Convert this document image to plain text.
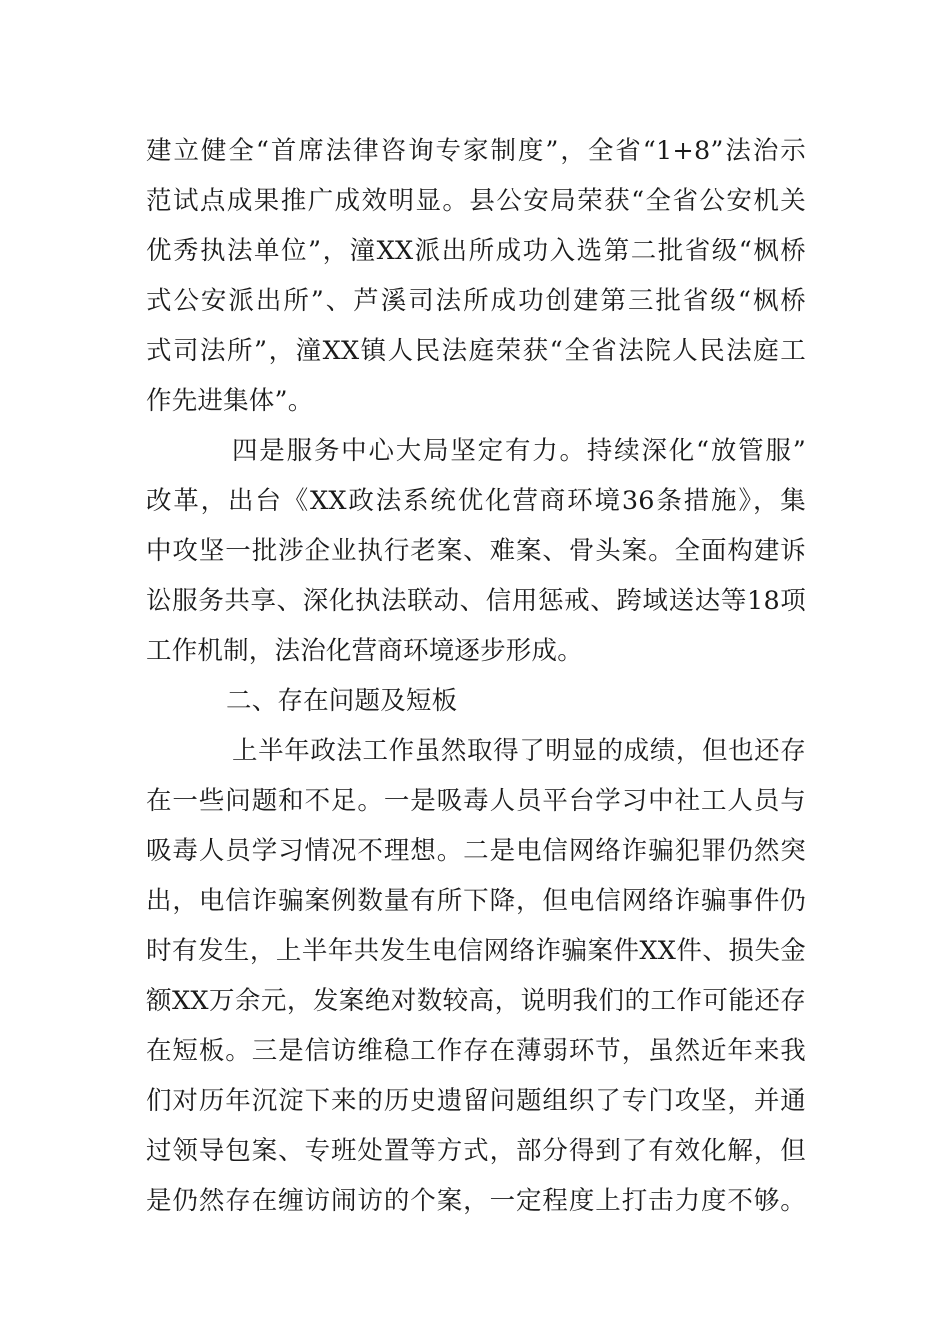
建立健全“首席法律咨询专家制度”，全省“1+8”法治示
范试点成果推广成效明显。县公安局荣获“全省公安机关
优秀执法单位”，潼XX派出所成功入选第二批省级“枫桥
式公安派出所”、芦溪司法所成功创建第三批省级“枫桥
式司法所”，潼XX镇人民法庭荣获“全省法院人民法庭工
作先进集体”。
四是服务中心大局坚定有力。持续深化“放管服”
改革，出台《XX政法系统优化营商环境36条措施》，集
中攻坚一批涉企业执行老案、难案、骨头案。全面构建诉
讼服务共享、深化执法联动、信用惩戒、跨域送达等18项
工作机制，法治化营商环境逐步形成。
二、存在问题及短板
上半年政法工作虽然取得了明显的成绩，但也还存
在一些问题和不足。一是吸毒人员平台学习中社工人员与
吸毒人员学习情况不理想。二是电信网络诈骗犯罪仍然突
出，电信诈骗案例数量有所下降，但电信网络诈骗事件仍
时有发生，上半年共发生电信网络诈骗案件XX件、损失金
额XX万余元，发案绝对数较高，说明我们的工作可能还存
在短板。三是信访维稳工作存在薄弱环节，虽然近年来我
们对历年沉淀下来的历史遗留问题组织了专门攻坚，并通
过领导包案、专班处置等方式，部分得到了有效化解，但
是仍然存在缠访闹访的个案，一定程度上打击力度不够。
